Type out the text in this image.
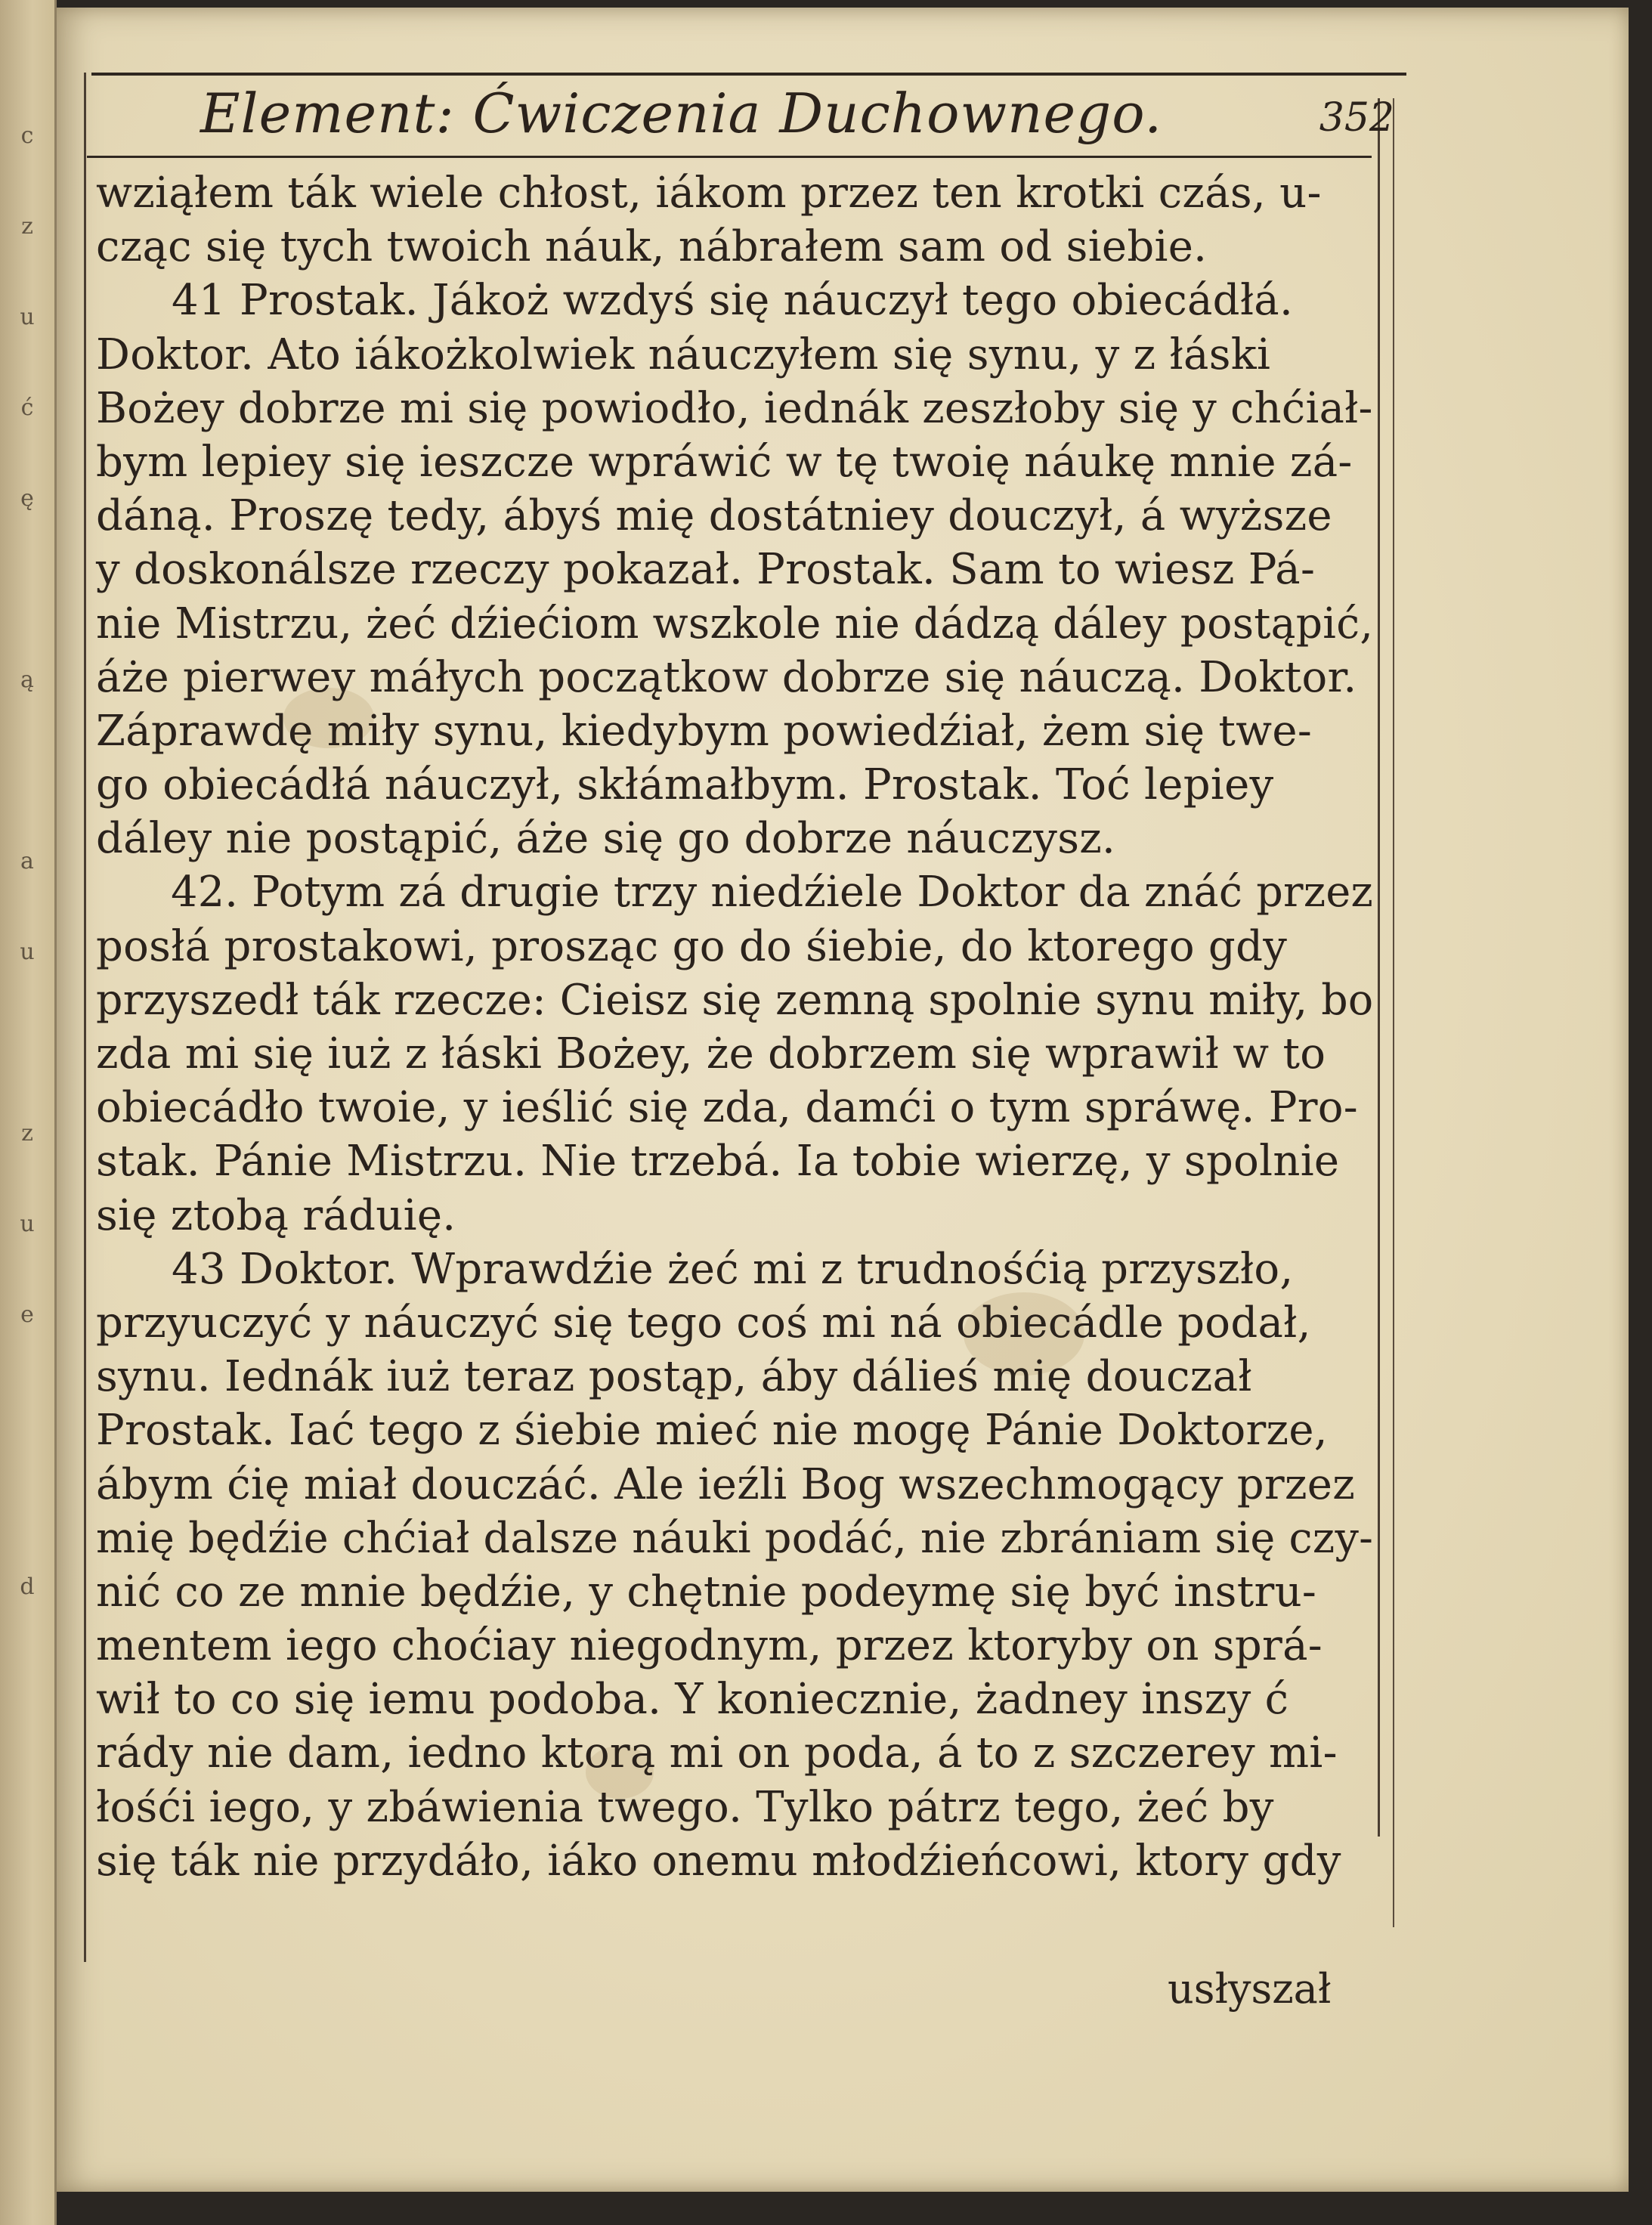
c
z
u
ć
ę
ą
a
u
z
u
e
d
Element: Ćwiczenia Duchownego.	352
wziąłem ták wiele chłost, iákom przez ten krotki czás, u-
cząc się tych twoich náuk, nábrałem sam od siebie.
41 Prostak. Jákoż wzdyś się náuczył tego obiecádłá.
Doktor. Ato iákożkolwiek náuczyłem się synu, y z łáski
Bożey dobrze mi się powiodło, iednák zeszłoby się y chćiał-
bym lepiey się ieszcze wpráwić w tę twoię náukę mnie zá-
dáną. Proszę tedy, ábyś mię dostátniey douczył, á wyższe
y doskonálsze rzeczy pokazał. Prostak. Sam to wiesz Pá-
nie Mistrzu, żeć dźiećiom wszkole nie dádzą dáley postąpić,
áże pierwey máłych początkow dobrze się náuczą. Doktor.
Záprawdę miły synu, kiedybym powiedźiał, żem się twe-
go obiecádłá náuczył, skłámałbym. Prostak. Toć lepiey
dáley nie postąpić, áże się go dobrze náuczysz.
42. Potym zá drugie trzy niedźiele Doktor da znáć przez
posłá prostakowi, prosząc go do śiebie, do ktorego gdy
przyszedł ták rzecze: Cieisz się zemną spolnie synu miły, bo
zda mi się iuż z łáski Bożey, że dobrzem się wprawił w to
obiecádło twoie, y ieślić się zda, damći o tym spráwę. Pro-
stak. Pánie Mistrzu. Nie trzebá. Ia tobie wierzę, y spolnie
się ztobą ráduię.
43 Doktor. Wprawdźie żeć mi z trudnośćią przyszło,
przyuczyć y náuczyć się tego coś mi ná obiecádle podał,
synu. Iednák iuż teraz postąp, áby dálieś mię douczał
Prostak. Iać tego z śiebie mieć nie mogę Pánie Doktorze,
ábym ćię miał douczáć. Ale ieźli Bog wszechmogący przez
mię będźie chćiał dalsze náuki podáć, nie zbrániam się czy-
nić co ze mnie będźie, y chętnie podeymę się być instru-
mentem iego choćiay niegodnym, przez ktoryby on sprá-
wił to co się iemu podoba. Y koniecznie, żadney inszy ć
rády nie dam, iedno ktorą mi on poda, á to z szczerey mi-
łośći iego, y zbáwienia twego. Tylko pátrz tego, żeć by
się ták nie przydáło, iáko onemu młodźieńcowi, ktory gdy
usłyszał
